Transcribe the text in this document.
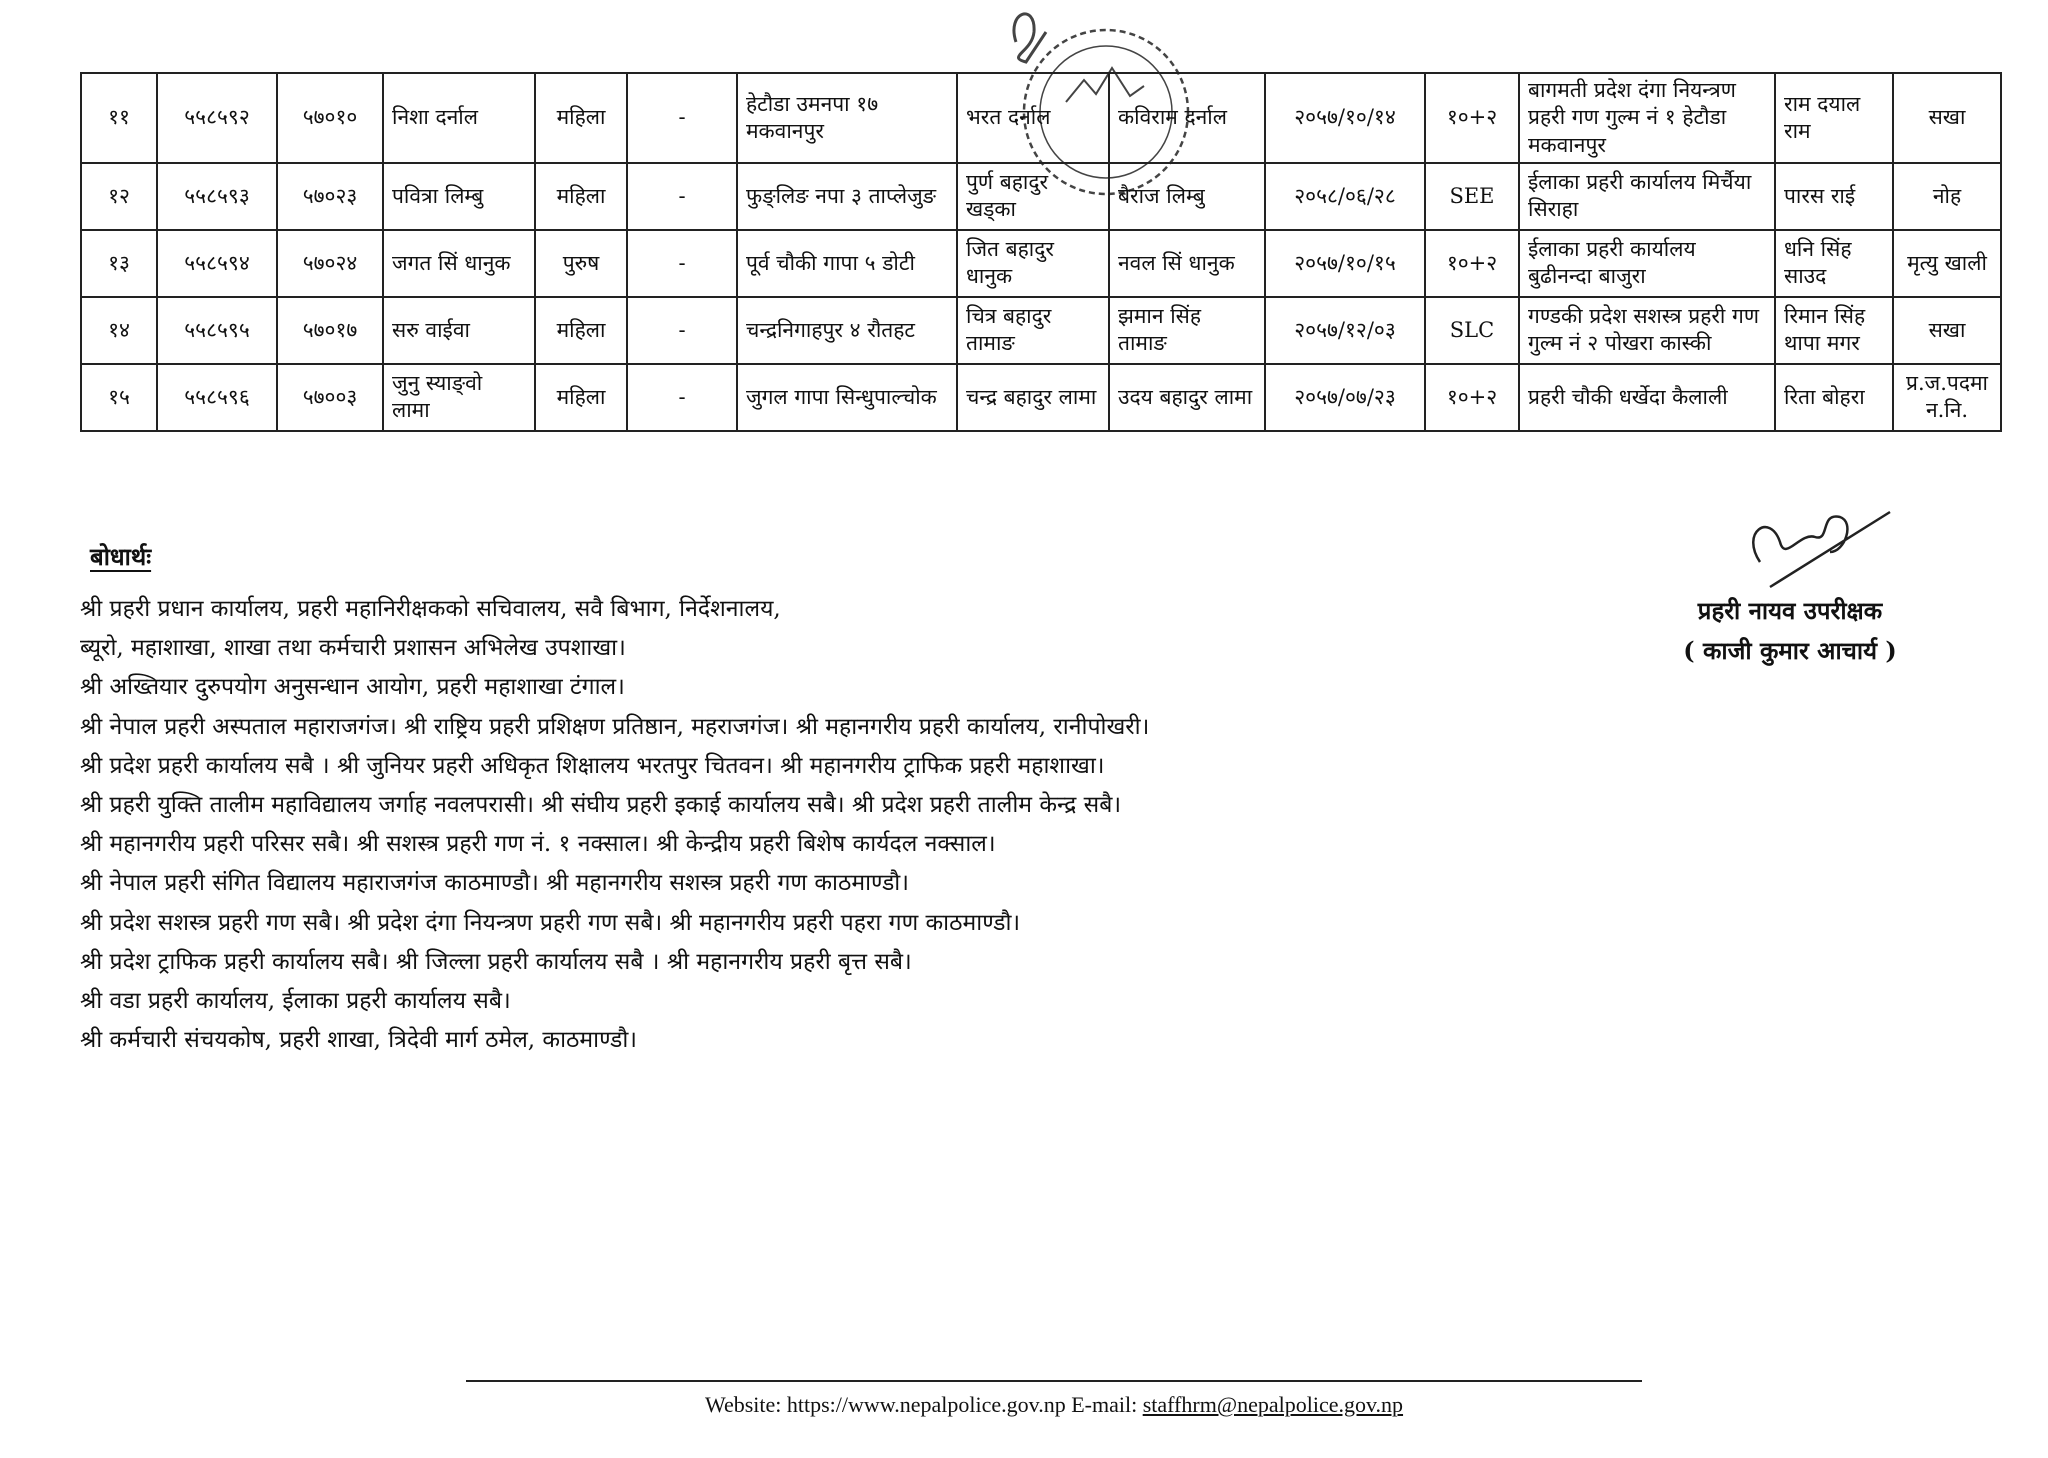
११	५५८५९२	५७०१०	निशा दर्नाल	महिला	-	हेटौडा उमनपा १७ मकवानपुर	भरत दर्नाल	कविराम दर्नाल	२०५७/१०/१४	१०+२	बागमती प्रदेश दंगा नियन्त्रण प्रहरी गण गुल्म नं १ हेटौडा मकवानपुर	राम दयाल राम	सखा
१२	५५८५९३	५७०२३	पवित्रा लिम्बु	महिला	-	फुङ्लिङ नपा ३ ताप्लेजुङ	पुर्ण बहादुर खड्का	बैराज लिम्बु	२०५८/०६/२८	SEE	ईलाका प्रहरी कार्यालय मिर्चैया सिराहा	पारस राई	नोह
१३	५५८५९४	५७०२४	जगत सिं धानुक	पुरुष	-	पूर्व चौकी गापा ५ डोटी	जित बहादुर धानुक	नवल सिं धानुक	२०५७/१०/१५	१०+२	ईलाका प्रहरी कार्यालय बुढीनन्दा बाजुरा	धनि सिंह साउद	मृत्यु खाली
१४	५५८५९५	५७०१७	सरु वाईवा	महिला	-	चन्द्रनिगाहपुर ४ रौतहट	चित्र बहादुर तामाङ	झमान सिंह तामाङ	२०५७/१२/०३	SLC	गण्डकी प्रदेश सशस्त्र प्रहरी गण गुल्म नं २ पोखरा कास्की	रिमान सिंह थापा मगर	सखा
१५	५५८५९६	५७००३	जुनु स्याङ्वो लामा	महिला	-	जुगल गापा सिन्धुपाल्चोक	चन्द्र बहादुर लामा	उदय बहादुर लामा	२०५७/०७/२३	१०+२	प्रहरी चौकी धर्खेदा कैलाली	रिता बोहरा	प्र.ज.पदमा न.नि.
बोधार्थः
श्री प्रहरी प्रधान कार्यालय, प्रहरी महानिरीक्षकको सचिवालय, सवै बिभाग, निर्देशनालय,
ब्यूरो, महाशाखा, शाखा तथा कर्मचारी प्रशासन अभिलेख उपशाखा।
श्री अख्तियार दुरुपयोग अनुसन्धान आयोग, प्रहरी महाशाखा टंगाल।
श्री नेपाल प्रहरी अस्पताल महाराजगंज। श्री राष्ट्रिय प्रहरी प्रशिक्षण प्रतिष्ठान, महराजगंज। श्री महानगरीय प्रहरी कार्यालय, रानीपोखरी।
श्री प्रदेश प्रहरी कार्यालय सबै । श्री जुनियर प्रहरी अधिकृत शिक्षालय भरतपुर चितवन। श्री महानगरीय ट्राफिक प्रहरी महाशाखा।
श्री प्रहरी युक्ति तालीम महाविद्यालय जर्गाह नवलपरासी। श्री संघीय प्रहरी इकाई कार्यालय सबै। श्री प्रदेश प्रहरी तालीम केन्द्र सबै।
श्री महानगरीय प्रहरी परिसर सबै। श्री सशस्त्र प्रहरी गण नं. १ नक्साल। श्री केन्द्रीय प्रहरी बिशेष कार्यदल नक्साल।
श्री नेपाल प्रहरी संगित विद्यालय महाराजगंज काठमाण्डौ। श्री महानगरीय सशस्त्र प्रहरी गण काठमाण्डौ।
श्री प्रदेश सशस्त्र प्रहरी गण सबै। श्री प्रदेश दंगा नियन्त्रण प्रहरी गण सबै। श्री महानगरीय प्रहरी पहरा गण काठमाण्डौ।
श्री प्रदेश ट्राफिक प्रहरी कार्यालय सबै। श्री जिल्ला प्रहरी कार्यालय सबै । श्री महानगरीय प्रहरी बृत्त सबै।
श्री वडा प्रहरी कार्यालय, ईलाका प्रहरी कार्यालय सबै।
श्री कर्मचारी संचयकोष, प्रहरी शाखा, त्रिदेवी मार्ग ठमेल, काठमाण्डौ।
प्रहरी नायव उपरीक्षक
( काजी कुमार आचार्य )
Website: https://www.nepalpolice.gov.np E-mail: staffhrm@nepalpolice.gov.np
